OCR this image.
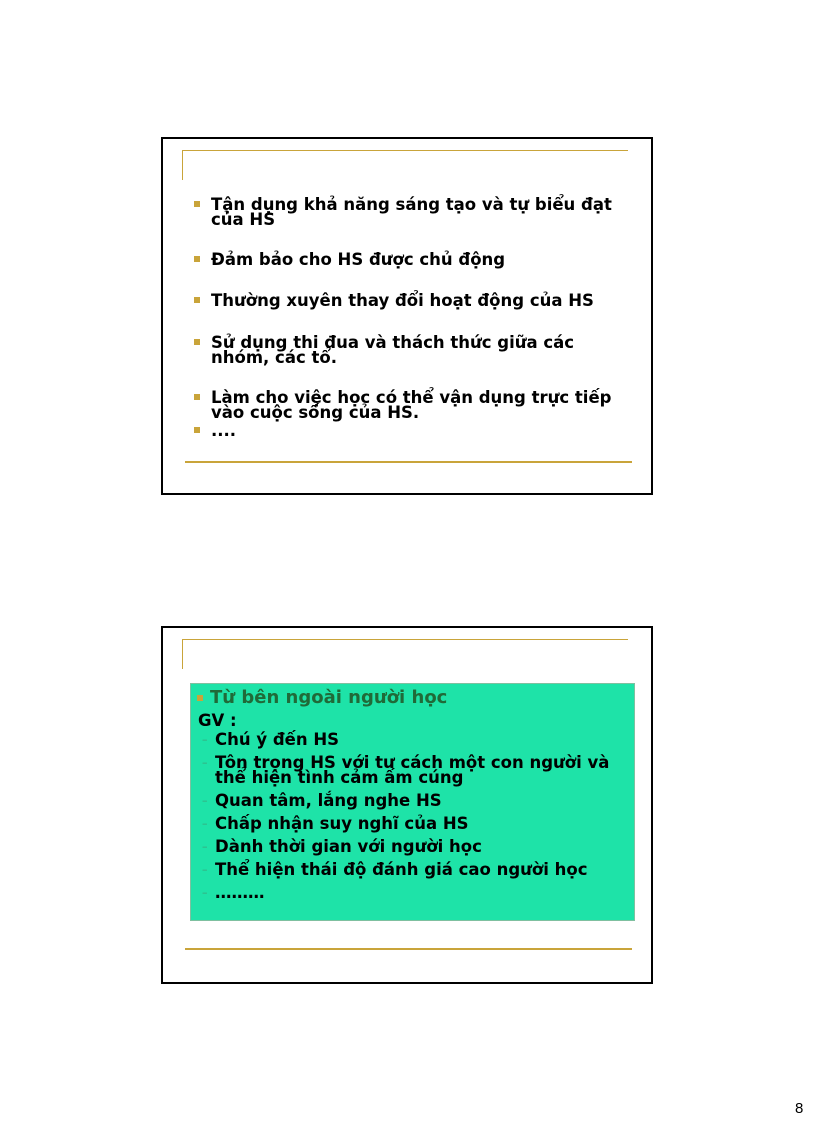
Tận dụng khả năng sáng tạo và tự biểu đạt của HS
Đảm bảo cho HS được chủ động
Thường xuyên thay đổi hoạt động của HS
Sử dụng thi đua và thách thức giữa các nhóm, các tổ.
Làm cho việc học có thể vận dụng trực tiếp vào cuộc sống của HS.
....
Từ bên ngoài người học
GV :
– Chú ý đến HS
– Tôn trọng HS với tư cách một con người và thể hiện tình cảm ấm cúng
– Quan tâm, lắng nghe HS
– Chấp nhận suy nghĩ của HS
– Dành thời gian với người học
– Thể hiện thái độ đánh giá cao người học
– ………
8
